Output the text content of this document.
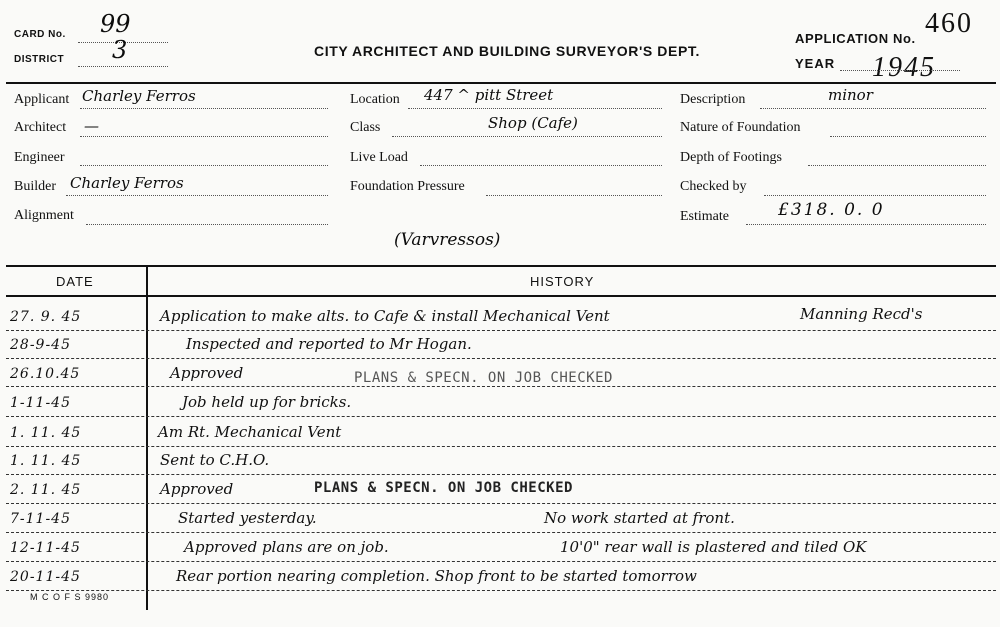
CARD No. 99
DISTRICT 3	CITY ARCHITECT AND BUILDING SURVEYOR'S DEPT.
APPLICATION No. 460
YEAR 1945
Applicant Charley Ferros
Architect —
Engineer
Builder Charley Ferros
Alignment
Location 447 ^ pitt Street
Class	Shop (Cafe)
Live Load
Foundation Pressure
Description	minor
Nature of Foundation
Depth of Footings
Checked by
Estimate	£318. 0. 0
(Varvressos)
DATE	HISTORY
27. 9. 45	Application to make alts. to Cafe & install Mechanical Vent	Manning Recd's
28-9-45	Inspected and reported to Mr Hogan.
26.10.45	Approved	PLANS & SPECN. ON JOB CHECKED
1-11-45	Job held up for bricks.
1. 11. 45	Am Rt. Mechanical Vent
1. 11. 45	Sent to C.H.O.
2. 11. 45	Approved	PLANS & SPECN. ON JOB CHECKED
7-11-45	Started yesterday.	No work started at front.
12-11-45	Approved plans are on job.	10'0" rear wall is plastered and tiled OK
20-11-45	Rear portion nearing completion. Shop front to be started tomorrow
M C O F S 9980
